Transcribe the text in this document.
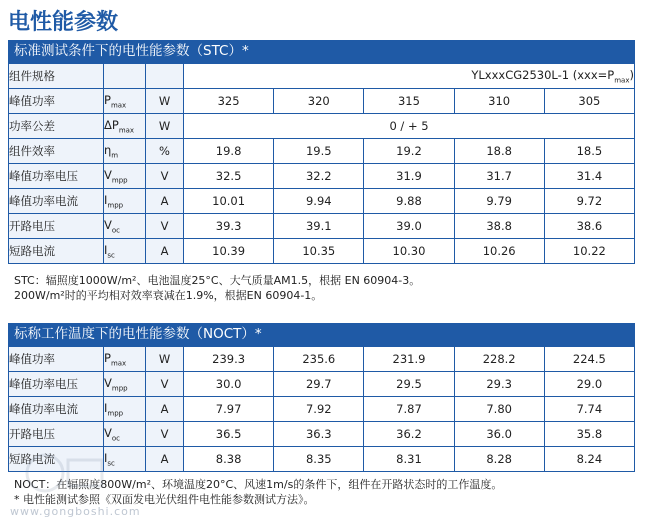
电性能参数
标准测试条件下的电性能参数（STC）*
组件规格			YLxxxCG2530L-1 $(xxx=P_{max})$				
峰值功率	$P_{max}$	W	325	320	315	310	305
功率公差	$\Delta P_{max}$	W	0 / + 5				
组件效率	$\eta_m$	%	19.8	19.5	19.2	18.8	18.5
峰值功率电压	$V_{mpp}$	V	32.5	32.2	31.9	31.7	31.4
峰值功率电流	$I_{mpp}$	A	10.01	9.94	9.88	9.79	9.72
开路电压	$V_{oc}$	V	39.3	39.1	39.0	38.8	38.6
短路电流	$I_{sc}$	A	10.39	10.35	10.30	10.26	10.22
STC：辐照度1000W/m²、电池温度25°C、大气质量AM1.5，根据 EN 60904-3。
200W/m²时的平均相对效率衰减在1.9%，根据EN 60904-1。
标称工作温度下的电性能参数（NOCT）*
峰值功率	$P_{max}$	W	239.3	235.6	231.9	228.2	224.5
峰值功率电压	$V_{mpp}$	V	30.0	29.7	29.5	29.3	29.0
峰值功率电流	$I_{mpp}$	A	7.97	7.92	7.87	7.80	7.74
开路电压	$V_{oc}$	V	36.5	36.3	36.2	36.0	35.8
短路电流	$I_{sc}$	A	8.38	8.35	8.31	8.28	8.24
NOCT：在辐照度800W/m²、环境温度20°C、风速1m/s的条件下，组件在开路状态时的工作温度。
* 电性能测试参照《双面发电光伏组件电性能参数测试方法》。
www.gongboshi.com
